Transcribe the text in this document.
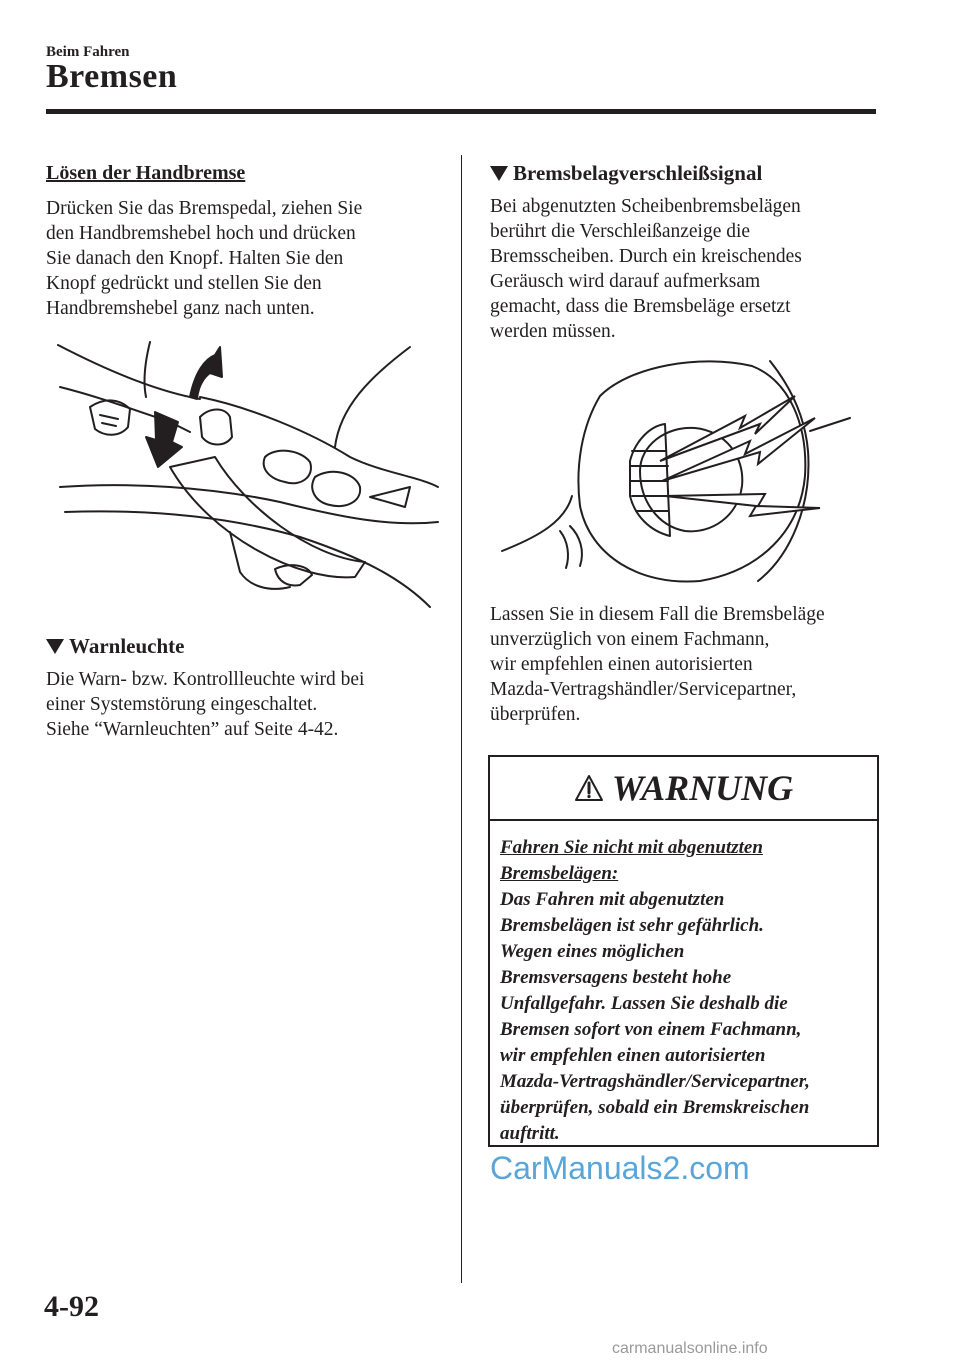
Beim Fahren
Bremsen
Lösen der Handbremse

Drücken Sie das Bremspedal, ziehen Sie
den Handbremshebel hoch und drücken
Sie danach den Knopf. Halten Sie den
Knopf gedrückt und stellen Sie den
Handbremshebel ganz nach unten.

Warnleuchte

Die Warn- bzw. Kontrollleuchte wird bei
einer Systemstörung eingeschaltet.
Siehe “Warnleuchten” auf Seite 4-42.

Bremsbelagverschleißsignal

Bei abgenutzten Scheibenbremsbelägen
berührt die Verschleißanzeige die
Bremsscheiben. Durch ein kreischendes
Geräusch wird darauf aufmerksam
gemacht, dass die Bremsbeläge ersetzt
werden müssen.

Lassen Sie in diesem Fall die Bremsbeläge
unverzüglich von einem Fachmann,
wir empfehlen einen autorisierten
Mazda-Vertragshändler/Servicepartner,
überprüfen.

WARNUNG
Fahren Sie nicht mit abgenutzten
Bremsbelägen:

Das Fahren mit abgenutzten
Bremsbelägen ist sehr gefährlich.
Wegen eines möglichen
Bremsversagens besteht hohe
Unfallgefahr. Lassen Sie deshalb die
Bremsen sofort von einem Fachmann,
wir empfehlen einen autorisierten
Mazda-Vertragshändler/Servicepartner,
überprüfen, sobald ein Bremskreischen
auftritt.

CarManuals2.com
4-92
carmanualsonline.info
